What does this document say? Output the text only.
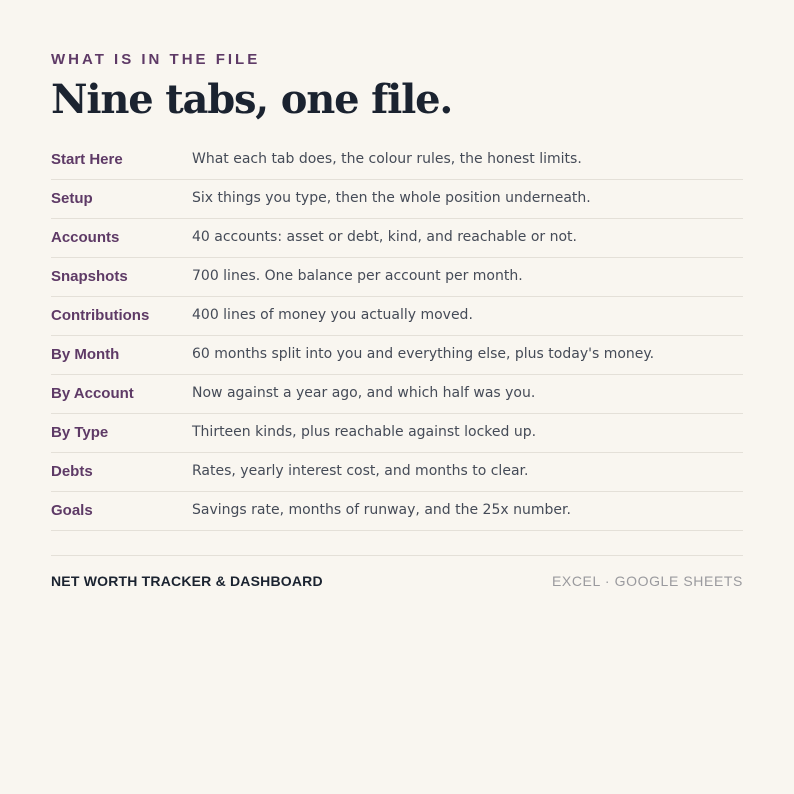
WHAT IS IN THE FILE
Nine tabs, one file.
Start Here	What each tab does, the colour rules, the honest limits.
Setup	Six things you type, then the whole position underneath.
Accounts	40 accounts: asset or debt, kind, and reachable or not.
Snapshots	700 lines. One balance per account per month.
Contributions	400 lines of money you actually moved.
By Month	60 months split into you and everything else, plus today's money.
By Account	Now against a year ago, and which half was you.
By Type	Thirteen kinds, plus reachable against locked up.
Debts	Rates, yearly interest cost, and months to clear.
Goals	Savings rate, months of runway, and the 25x number.
NET WORTH TRACKER & DASHBOARD	EXCEL · GOOGLE SHEETS
